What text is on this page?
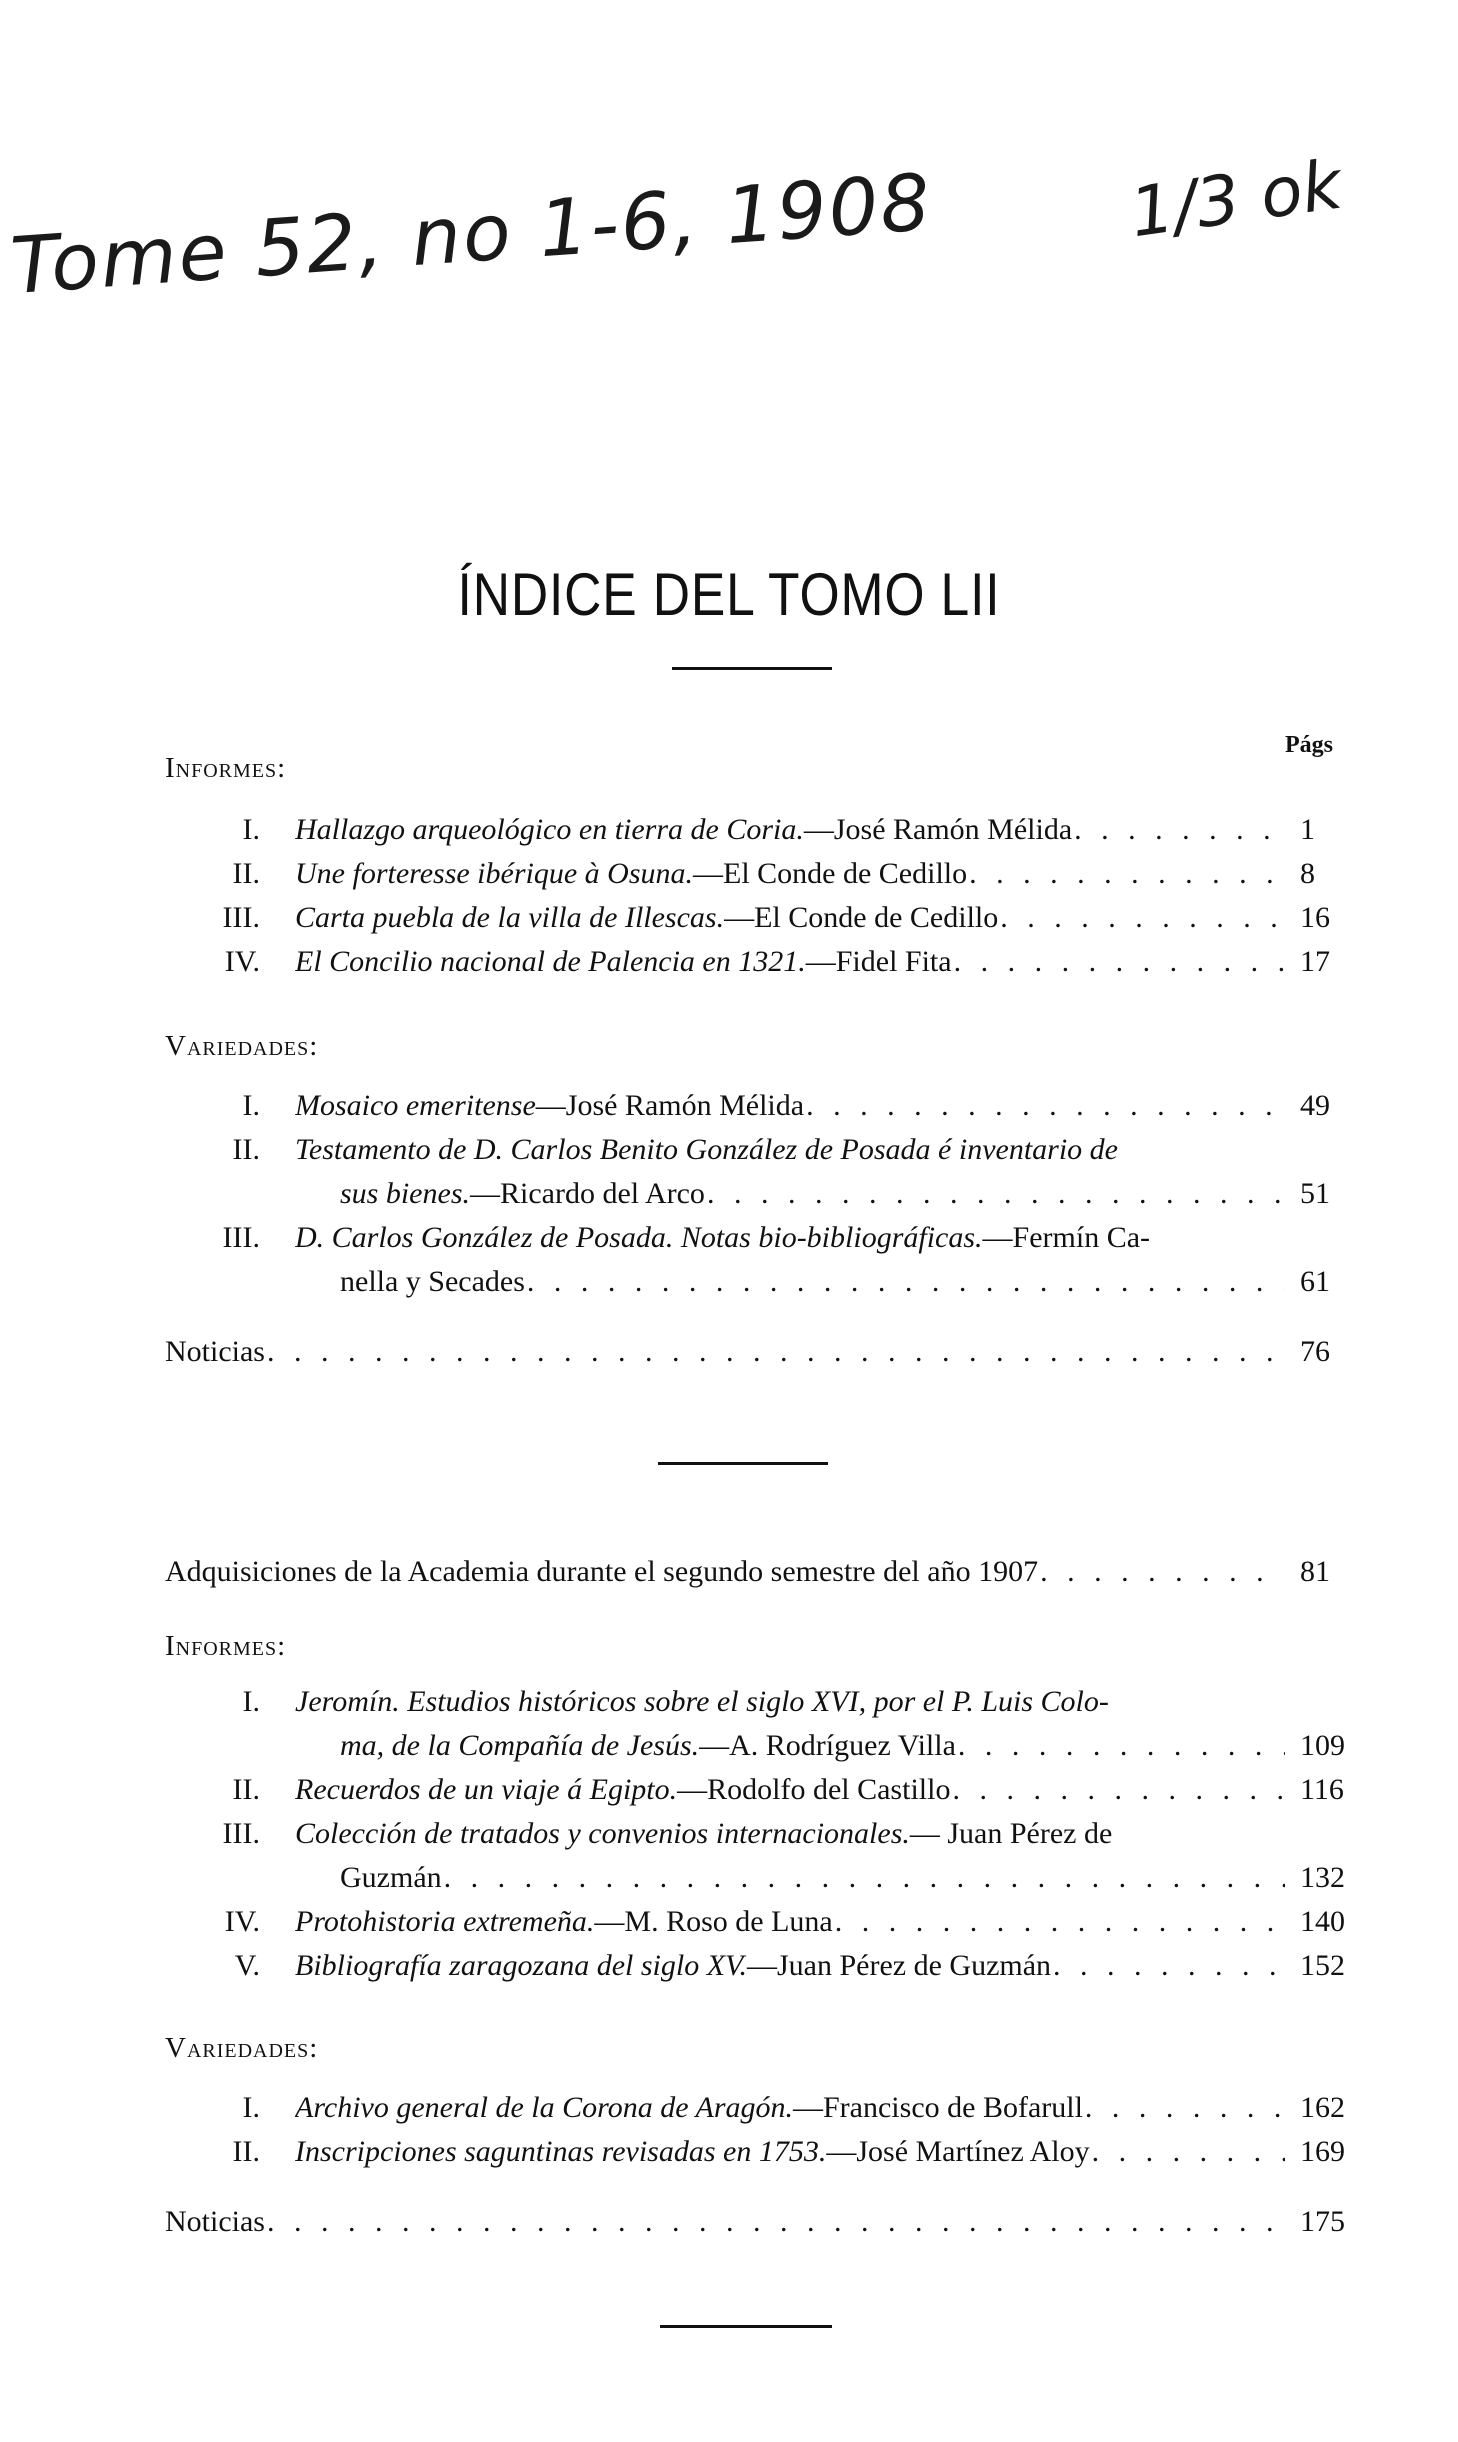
Tome 52, no 1-6, 1908	1/3 ok
ÍNDICE DEL TOMO LII
Págs
Informes:
I. Hallazgo arqueológico en tierra de Coria. —José Ramón Mélida . . .	1
II. Une forteresse ibérique à Osuna. —El Conde de Cedillo . . .	8
III. Carta puebla de la villa de Illescas. —El Conde de Cedillo . . .	16
IV. El Concilio nacional de Palencia en 1321. —Fidel Fita . . .	17
Variedades:
I. Mosaico emeritense —José Ramón Mélida . . .	49
II. Testamento de D. Carlos Benito González de Posada é inventario de
sus bienes. —Ricardo del Arco . . .	51
III. D. Carlos González de Posada. Notas bio-bibliográficas. —Fermín Ca-
nella y Secades . . .	61
Noticias . . .	76
Adquisiciones de la Academia durante el segundo semestre del año 1907 . . .	81
Informes:
I. Jeromín. Estudios históricos sobre el siglo XVI, por el P. Luis Colo-
ma, de la Compañía de Jesús. —A. Rodríguez Villa . . .	109
II. Recuerdos de un viaje á Egipto. —Rodolfo del Castillo . . .	116
III. Colección de tratados y convenios internacionales. — Juan Pérez de
Guzmán . . .	132
IV. Protohistoria extremeña. —M. Roso de Luna . . .	140
V. Bibliografía zaragozana del siglo XV. —Juan Pérez de Guzmán . . .	152
Variedades:
I. Archivo general de la Corona de Aragón. —Francisco de Bofarull . . .	162
II. Inscripciones saguntinas revisadas en 1753. —José Martínez Aloy . . .	169
Noticias . . .	175
